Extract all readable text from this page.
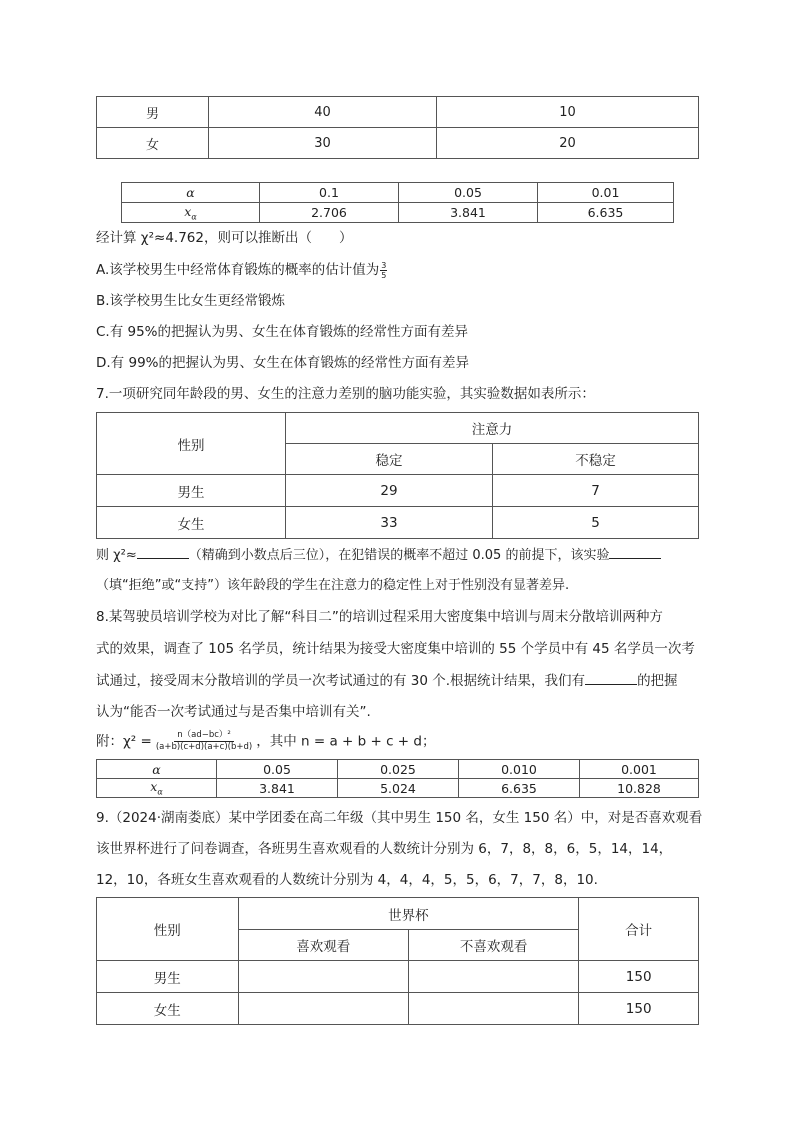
男	40	10
女	30	20
α	0.1	0.05	0.01
$x_\alpha$	2.706	3.841	6.635
经计算 χ²≈4.762，则可以推断出（　　）
A.该学校男生中经常体育锻炼的概率的估计值为 $\frac{3}{5}$
B.该学校男生比女生更经常锻炼
C.有 95%的把握认为男、女生在体育锻炼的经常性方面有差异
D.有 99%的把握认为男、女生在体育锻炼的经常性方面有差异
7.一项研究同年龄段的男、女生的注意力差别的脑功能实验，其实验数据如表所示：
性别	注意力	
	稳定	不稳定
男生	29	7
女生	33	5
则 χ²≈	（精确到小数点后三位），在犯错误的概率不超过 0.05 的前提下，该实验
（填“拒绝”或“支持”）该年龄段的学生在注意力的稳定性上对于性别没有显著差异.
8.某驾驶员培训学校为对比了解“科目二”的培训过程采用大密度集中培训与周末分散培训两种方
式的效果，调查了 105 名学员，统计结果为接受大密度集中培训的 55 个学员中有 45 名学员一次考
试通过，接受周末分散培训的学员一次考试通过的有 30 个.根据统计结果，我们有	的把握
认为“能否一次考试通过与是否集中培训有关”.
附：$\chi^2 = \frac{\text{n（ad−bc）²}}{(a+b)(c+d)(a+c)(b+d)}$ ，其中 n = a + b + c + d；
α	0.05	0.025	0.010	0.001
$x_\alpha$	3.841	5.024	6.635	10.828
9.（2024·湖南娄底）某中学团委在高二年级（其中男生 150 名，女生 150 名）中，对是否喜欢观看
该世界杯进行了问卷调查，各班男生喜欢观看的人数统计分别为 6，7，8，8，6，5，14，14，
12，10，各班女生喜欢观看的人数统计分别为 4，4，4，5，5，6，7，7，8，10.
性别	世界杯		合计
	喜欢观看	不喜欢观看	
男生			150
女生			150
